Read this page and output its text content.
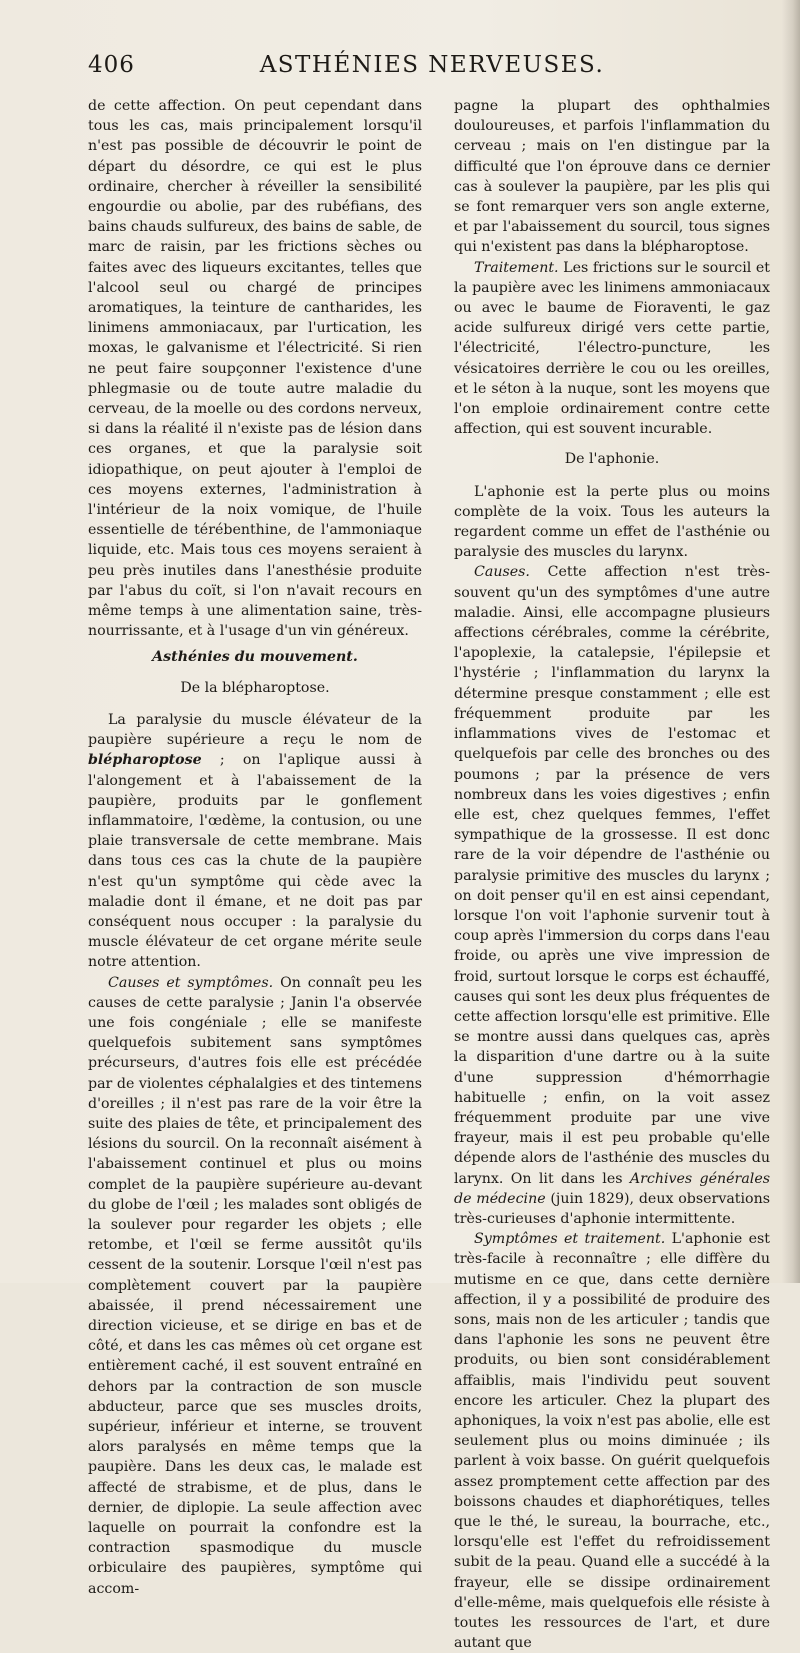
406	ASTHÉNIES NERVEUSES.

de cette affection. On peut cependant dans tous les cas, mais principalement lorsqu'il n'est pas possible de découvrir le point de départ du désordre, ce qui est le plus ordinaire, chercher à réveiller la sensibilité engourdie ou abolie, par des rubéfians, des bains chauds sulfureux, des bains de sable, de marc de raisin, par les frictions sèches ou faites avec des liqueurs excitantes, telles que l'alcool seul ou chargé de principes aromatiques, la teinture de cantharides, les linimens ammoniacaux, par l'urtication, les moxas, le galvanisme et l'électricité. Si rien ne peut faire soupçonner l'existence d'une phlegmasie ou de toute autre maladie du cerveau, de la moelle ou des cordons nerveux, si dans la réalité il n'existe pas de lésion dans ces organes, et que la paralysie soit idiopathique, on peut ajouter à l'emploi de ces moyens externes, l'administration à l'intérieur de la noix vomique, de l'huile essentielle de térébenthine, de l'ammoniaque liquide, etc. Mais tous ces moyens seraient à peu près inutiles dans l'anesthésie produite par l'abus du coït, si l'on n'avait recours en même temps à une alimentation saine, très-nourrissante, et à l'usage d'un vin généreux.

Asthénies du mouvement.
De la blépharoptose.

La paralysie du muscle élévateur de la paupière supérieure a reçu le nom de blépharoptose ; on l'aplique aussi à l'alongement et à l'abaissement de la paupière, produits par le gonflement inflammatoire, l'œdème, la contusion, ou une plaie transversale de cette membrane. Mais dans tous ces cas la chute de la paupière n'est qu'un symptôme qui cède avec la maladie dont il émane, et ne doit pas par conséquent nous occuper : la paralysie du muscle élévateur de cet organe mérite seule notre attention.

Causes et symptômes. On connaît peu les causes de cette paralysie ; Janin l'a observée une fois congéniale ; elle se manifeste quelquefois subitement sans symptômes précurseurs, d'autres fois elle est précédée par de violentes céphalalgies et des tintemens d'oreilles ; il n'est pas rare de la voir être la suite des plaies de tête, et principalement des lésions du sourcil. On la reconnaît aisément à l'abaissement continuel et plus ou moins complet de la paupière supérieure au-devant du globe de l'œil ; les malades sont obligés de la soulever pour regarder les objets ; elle retombe, et l'œil se ferme aussitôt qu'ils cessent de la soutenir. Lorsque l'œil n'est pas complètement couvert par la paupière abaissée, il prend nécessairement une direction vicieuse, et se dirige en bas et de côté, et dans les cas mêmes où cet organe est entièrement caché, il est souvent entraîné en dehors par la contraction de son muscle abducteur, parce que ses muscles droits, supérieur, inférieur et interne, se trouvent alors paralysés en même temps que la paupière. Dans les deux cas, le malade est affecté de strabisme, et de plus, dans le dernier, de diplopie. La seule affection avec laquelle on pourrait la confondre est la contraction spasmodique du muscle orbiculaire des paupières, symptôme qui accom-

pagne la plupart des ophthalmies douloureuses, et parfois l'inflammation du cerveau ; mais on l'en distingue par la difficulté que l'on éprouve dans ce dernier cas à soulever la paupière, par les plis qui se font remarquer vers son angle externe, et par l'abaissement du sourcil, tous signes qui n'existent pas dans la blépharoptose.

Traitement. Les frictions sur le sourcil et la paupière avec les linimens ammoniacaux ou avec le baume de Fioraventi, le gaz acide sulfureux dirigé vers cette partie, l'électricité, l'électro-puncture, les vésicatoires derrière le cou ou les oreilles, et le séton à la nuque, sont les moyens que l'on emploie ordinairement contre cette affection, qui est souvent incurable.

De l'aphonie.

L'aphonie est la perte plus ou moins complète de la voix. Tous les auteurs la regardent comme un effet de l'asthénie ou paralysie des muscles du larynx.

Causes. Cette affection n'est très-souvent qu'un des symptômes d'une autre maladie. Ainsi, elle accompagne plusieurs affections cérébrales, comme la cérébrite, l'apoplexie, la catalepsie, l'épilepsie et l'hystérie ; l'inflammation du larynx la détermine presque constamment ; elle est fréquemment produite par les inflammations vives de l'estomac et quelquefois par celle des bronches ou des poumons ; par la présence de vers nombreux dans les voies digestives ; enfin elle est, chez quelques femmes, l'effet sympathique de la grossesse. Il est donc rare de la voir dépendre de l'asthénie ou paralysie primitive des muscles du larynx ; on doit penser qu'il en est ainsi cependant, lorsque l'on voit l'aphonie survenir tout à coup après l'immersion du corps dans l'eau froide, ou après une vive impression de froid, surtout lorsque le corps est échauffé, causes qui sont les deux plus fréquentes de cette affection lorsqu'elle est primitive. Elle se montre aussi dans quelques cas, après la disparition d'une dartre ou à la suite d'une suppression d'hémorrhagie habituelle ; enfin, on la voit assez fréquemment produite par une vive frayeur, mais il est peu probable qu'elle dépende alors de l'asthénie des muscles du larynx. On lit dans les Archives générales de médecine (juin 1829), deux observations très-curieuses d'aphonie intermittente.

Symptômes et traitement. L'aphonie est très-facile à reconnaître ; elle diffère du mutisme en ce que, dans cette dernière affection, il y a possibilité de produire des sons, mais non de les articuler ; tandis que dans l'aphonie les sons ne peuvent être produits, ou bien sont considérablement affaiblis, mais l'individu peut souvent encore les articuler. Chez la plupart des aphoniques, la voix n'est pas abolie, elle est seulement plus ou moins diminuée ; ils parlent à voix basse. On guérit quelquefois assez promptement cette affection par des boissons chaudes et diaphorétiques, telles que le thé, le sureau, la bourrache, etc., lorsqu'elle est l'effet du refroidissement subit de la peau. Quand elle a succédé à la frayeur, elle se dissipe ordinairement d'elle-même, mais quelquefois elle résiste à toutes les ressources de l'art, et dure autant que
